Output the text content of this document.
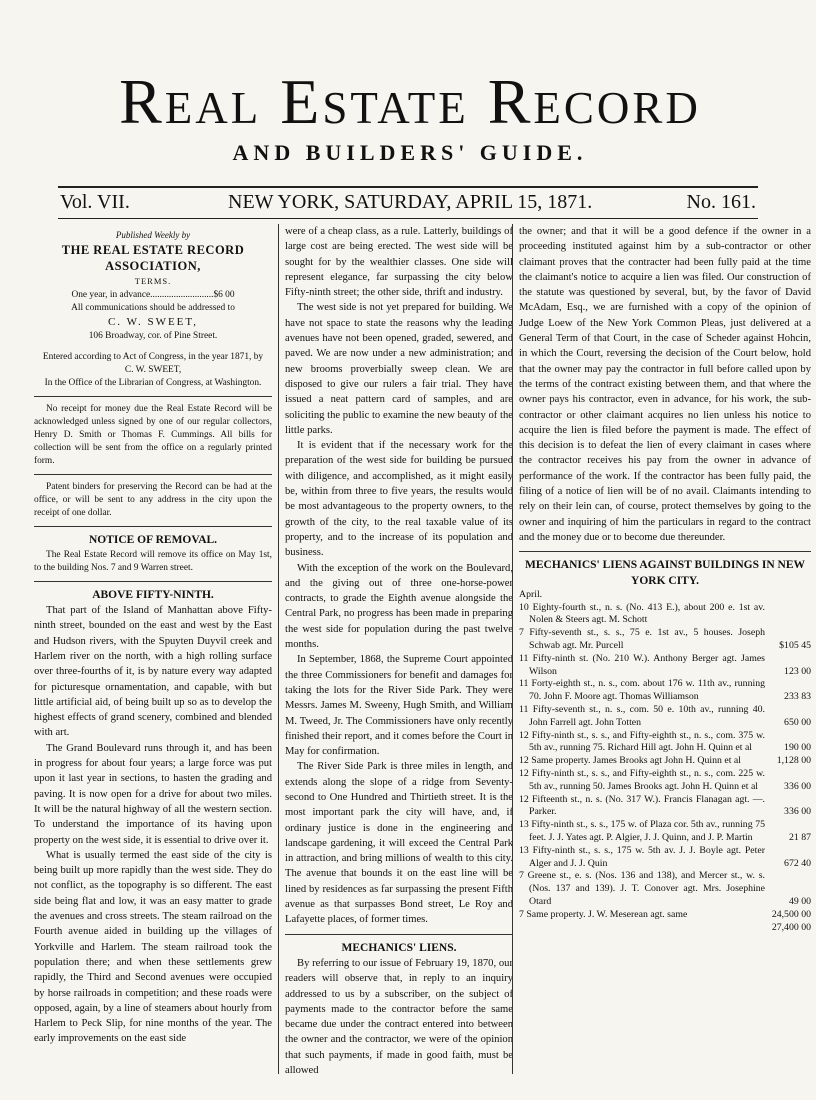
Real Estate Record
AND BUILDERS' GUIDE.
Vol. VII.	NEW YORK, SATURDAY, APRIL 15, 1871.	No. 161.
Published Weekly by
THE REAL ESTATE RECORD ASSOCIATION,
TERMS.
One year, in advance...........................$6 00
All communications should be addressed to
C. W. SWEET,
106 Broadway, cor. of Pine Street.
Entered according to Act of Congress, in the year 1871, by
C. W. SWEET,
In the Office of the Librarian of Congress, at Washington.

No receipt for money due the Real Estate Record will be acknowledged unless signed by one of our regular collectors, Henry D. Smith or Thomas F. Cummings. All bills for collection will be sent from the office on a regularly printed form.

Patent binders for preserving the Record can be had at the office, or will be sent to any address in the city upon the receipt of one dollar.

NOTICE OF REMOVAL.

The Real Estate Record will remove its office on May 1st, to the building Nos. 7 and 9 Warren street.

ABOVE FIFTY-NINTH.

That part of the Island of Manhattan above Fifty-ninth street, bounded on the east and west by the East and Hudson rivers, with the Spuyten Duyvil creek and Harlem river on the north, with a high rolling surface over three-fourths of it, is by nature every way adapted for picturesque ornamentation, and capable, with but little artificial aid, of being built up so as to develop the highest effects of grand scenery, combined and blended with art.

The Grand Boulevard runs through it, and has been in progress for about four years; a large force was put upon it last year in sections, to hasten the grading and paving. It is now open for a drive for about two miles. It will be the natural highway of all the western section. To understand the importance of its having upon property on the west side, it is essential to drive over it.

What is usually termed the east side of the city is being built up more rapidly than the west side. They do not conflict, as the topography is so different. The east side being flat and low, it was an easy matter to grade the avenues and cross streets. The steam railroad on the Fourth avenue aided in building up the villages of Yorkville and Harlem. The steam railroad took the population there; and when these settlements grew rapidly, the Third and Second avenues were occupied by horse railroads in competition; and these roads were opposed, again, by a line of steamers about hourly from Harlem to Peck Slip, for nine months of the year. The early improvements on the east side

were of a cheap class, as a rule. Latterly, buildings of large cost are being erected. The west side will be sought for by the wealthier classes. One side will represent elegance, far surpassing the city below Fifty-ninth street; the other side, thrift and industry.

The west side is not yet prepared for building. We have not space to state the reasons why the leading avenues have not been opened, graded, sewered, and paved. We are now under a new administration; and new brooms proverbially sweep clean. We are disposed to give our rulers a fair trial. They have issued a neat pattern card of samples, and are soliciting the public to examine the new beauty of the little parks.

It is evident that if the necessary work for the preparation of the west side for building be pursued with diligence, and accomplished, as it might easily be, within from three to five years, the results would be most advantageous to the property owners, to the growth of the city, to the real taxable value of its property, and to the increase of its population and business.

With the exception of the work on the Boulevard, and the giving out of three one-horse-power contracts, to grade the Eighth avenue alongside the Central Park, no progress has been made in preparing the west side for population during the past twelve months.

In September, 1868, the Supreme Court appointed the three Commissioners for benefit and damages for taking the lots for the River Side Park. They were Messrs. James M. Sweeny, Hugh Smith, and William M. Tweed, Jr. The Commissioners have only recently finished their report, and it comes before the Court in May for confirmation.

The River Side Park is three miles in length, and extends along the slope of a ridge from Seventy-second to One Hundred and Thirtieth street. It is the most important park the city will have, and, if ordinary justice is done in the engineering and landscape gardening, it will exceed the Central Park in attraction, and bring millions of wealth to this city. The avenue that bounds it on the east line will be lined by residences as far surpassing the present Fifth avenue as that surpasses Bond street, Le Roy and Lafayette places, of former times.

MECHANICS' LIENS.

By referring to our issue of February 19, 1870, our readers will observe that, in reply to an inquiry addressed to us by a subscriber, on the subject of payments made to the contractor before the same became due under the contract entered into between the owner and the contractor, we were of the opinion that such payments, if made in good faith, must be allowed

the owner; and that it will be a good defence if the owner in a proceeding instituted against him by a sub-contractor or other claimant proves that the contracter had been fully paid at the time the claimant's notice to acquire a lien was filed. Our construction of the statute was questioned by several, but, by the favor of David McAdam, Esq., we are furnished with a copy of the opinion of Judge Loew of the New York Common Pleas, just delivered at a General Term of that Court, in the case of Scheder against Hohcin, in which the Court, reversing the decision of the Court below, hold that the owner may pay the contractor in full before called upon by the terms of the contract existing between them, and that where the owner pays his contractor, even in advance, for his work, the sub-contractor or other claimant acquires no lien unless his notice to acquire the lien is filed before the payment is made. The effect of this decision is to defeat the lien of every claimant in cases where the contractor receives his pay from the owner in advance of performance of the work. If the contractor has been fully paid, the filing of a notice of lien will be of no avail. Claimants intending to rely on their lein can, of course, protect themselves by going to the owner and inquiring of him the particulars in regard to the contract and the money due or to become due thereunder.

MECHANICS' LIENS AGAINST BUILDINGS IN NEW YORK CITY.

April.
10 Eighty-fourth st., n. s. (No. 413 E.), about 200 e. 1st av. Nolen & Steers agt. M. Schott
7 Fifty-seventh st., s. s., 75 e. 1st av., 5 houses. Joseph Schwab agt. Mr. Purcell	$105 45
11 Fifty-ninth st. (No. 210 W.). Anthony Berger agt. James Wilson	123 00
11 Forty-eighth st., n. s., com. about 176 w. 11th av., running 70. John F. Moore agt. Thomas Williamson	233 83
11 Fifty-seventh st., n. s., com. 50 e. 10th av., running 40. John Farrell agt. John Totten	650 00
12 Fifty-ninth st., s. s., and Fifty-eighth st., n. s., com. 375 w. 5th av., running 75. Richard Hill agt. John H. Quinn et al	190 00
12 Same property. James Brooks agt John H. Quinn et al	1,128 00
12 Fifty-ninth st., s. s., and Fifty-eighth st., n. s., com. 225 w. 5th av., running 50. James Brooks agt. John H. Quinn et al	336 00
12 Fifteenth st., n. s. (No. 317 W.). Francis Flanagan agt. —. Parker.	336 00
13 Fifty-ninth st., s. s., 175 w. of Plaza cor. 5th av., running 75 feet. J. J. Yates agt. P. Algier, J. J. Quinn, and J. P. Martin	21 87
13 Fifty-ninth st., s. s., 175 w. 5th av. J. J. Boyle agt. Peter Alger and J. J. Quin	672 40
7 Greene st., e. s. (Nos. 136 and 138), and Mercer st., w. s. (Nos. 137 and 139). J. T. Conover agt. Mrs. Josephine Otard	49 00
7 Same property. J. W. Meserean agt. same	24,500 00
27,400 00
